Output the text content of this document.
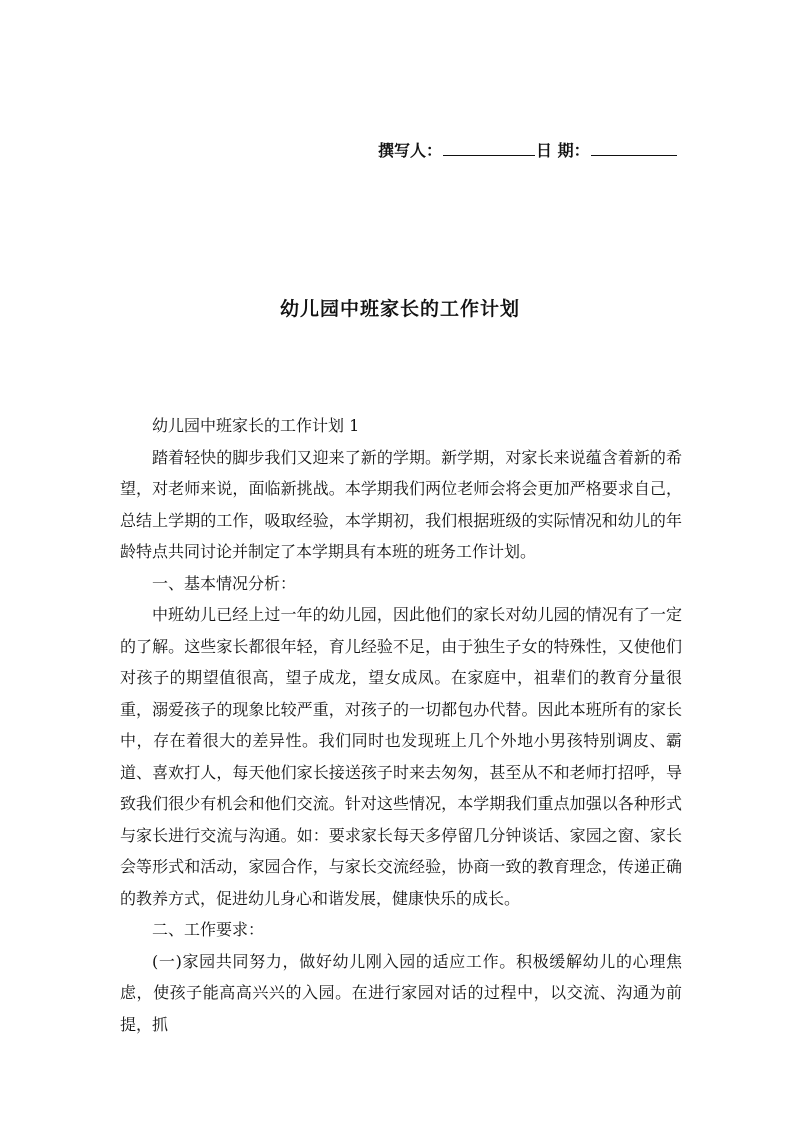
撰写人：	日 期：
幼儿园中班家长的工作计划

幼儿园中班家长的工作计划 1

踏着轻快的脚步我们又迎来了新的学期。新学期，对家长来说蕴含着新的希望，对老师来说，面临新挑战。本学期我们两位老师会将会更加严格要求自己，总结上学期的工作，吸取经验，本学期初，我们根据班级的实际情况和幼儿的年龄特点共同讨论并制定了本学期具有本班的班务工作计划。

一、基本情况分析：

中班幼儿已经上过一年的幼儿园，因此他们的家长对幼儿园的情况有了一定的了解。这些家长都很年轻，育儿经验不足，由于独生子女的特殊性，又使他们对孩子的期望值很高，望子成龙，望女成凤。在家庭中，祖辈们的教育分量很重，溺爱孩子的现象比较严重，对孩子的一切都包办代替。因此本班所有的家长中，存在着很大的差异性。我们同时也发现班上几个外地小男孩特别调皮、霸道、喜欢打人，每天他们家长接送孩子时来去匆匆，甚至从不和老师打招呼，导致我们很少有机会和他们交流。针对这些情况，本学期我们重点加强以各种形式与家长进行交流与沟通。如：要求家长每天多停留几分钟谈话、家园之窗、家长会等形式和活动，家园合作，与家长交流经验，协商一致的教育理念，传递正确的教养方式，促进幼儿身心和谐发展，健康快乐的成长。

二、工作要求：

(一)家园共同努力，做好幼儿刚入园的适应工作。积极缓解幼儿的心理焦虑，使孩子能高高兴兴的入园。在进行家园对话的过程中，以交流、沟通为前提，抓
